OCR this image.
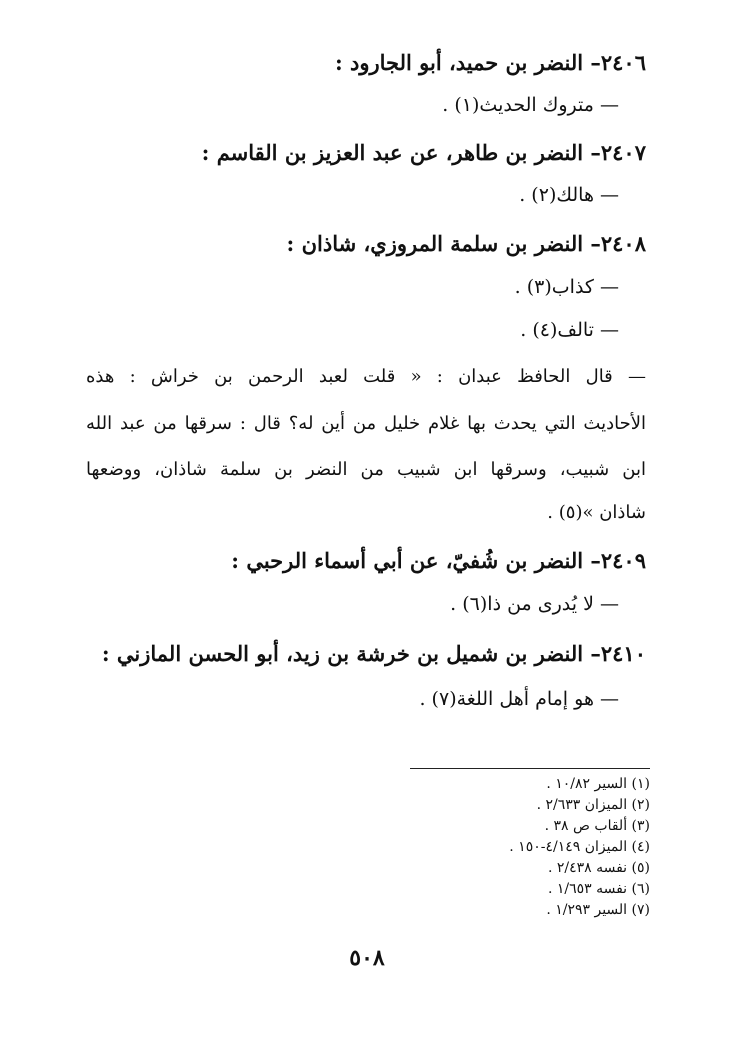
٢٤٠٦– النضر بن حميد، أبو الجارود :
— متروك الحديث(١) .
٢٤٠٧– النضر بن طاهر، عن عبد العزيز بن القاسم :
— هالك(٢) .
٢٤٠٨– النضر بن سلمة المروزي، شاذان :
— كذاب(٣) .
— تالف(٤) .
— قال الحافظ عبدان : « قلت لعبد الرحمن بن خراش : هذه
الأحاديث التي يحدث بها غلام خليل من أين له؟ قال : سرقها من عبد الله
ابن شبيب، وسرقها ابن شبيب من النضر بن سلمة شاذان، ووضعها
شاذان »(٥) .
٢٤٠٩– النضر بن شُفيّ، عن أبي أسماء الرحبي :
— لا يُدرى من ذا(٦) .
٢٤١٠– النضر بن شميل بن خرشة بن زيد، أبو الحسن المازني :
— هو إمام أهل اللغة(٧) .
(١) السير ١٠/٨٢ .
(٢) الميزان ٢/٦٣٣ .
(٣) ألقاب ص ٣٨ .
(٤) الميزان ٤/١٤٩-١٥٠ .
(٥) نفسه ٢/٤٣٨ .
(٦) نفسه ١/٦٥٣ .
(٧) السير ١/٢٩٣ .
٥٠٨
